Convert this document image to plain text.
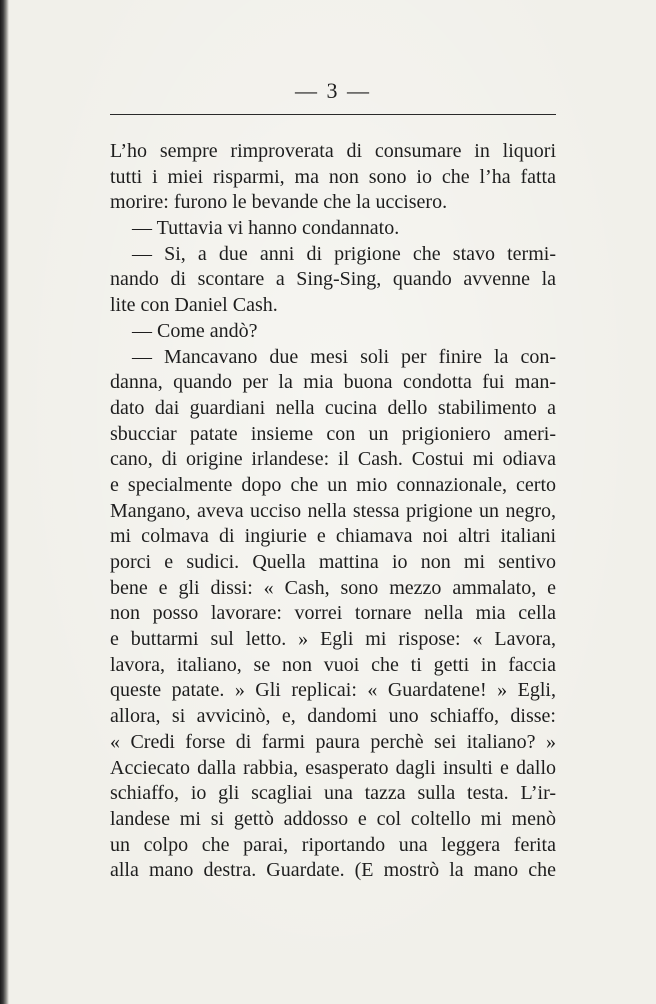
— 3 —
L’ho sempre rimproverata di consumare in liquori
tutti i miei risparmi, ma non sono io che l’ha fatta
morire: furono le bevande che la uccisero.
— Tuttavia vi hanno condannato.
— Si, a due anni di prigione che stavo termi-
nando di scontare a Sing-Sing, quando avvenne la
lite con Daniel Cash.
— Come andò?
— Mancavano due mesi soli per finire la con-
danna, quando per la mia buona condotta fui man-
dato dai guardiani nella cucina dello stabilimento a
sbucciar patate insieme con un prigioniero ameri-
cano, di origine irlandese: il Cash. Costui mi odiava
e specialmente dopo che un mio connazionale, certo
Mangano, aveva ucciso nella stessa prigione un negro,
mi colmava di ingiurie e chiamava noi altri italiani
porci e sudici. Quella mattina io non mi sentivo
bene e gli dissi: « Cash, sono mezzo ammalato, e
non posso lavorare: vorrei tornare nella mia cella
e buttarmi sul letto. » Egli mi rispose: « Lavora,
lavora, italiano, se non vuoi che ti getti in faccia
queste patate. » Gli replicai: « Guardatene! » Egli,
allora, si avvicinò, e, dandomi uno schiaffo, disse:
« Credi forse di farmi paura perchè sei italiano? »
Acciecato dalla rabbia, esasperato dagli insulti e dallo
schiaffo, io gli scagliai una tazza sulla testa. L’ir-
landese mi si gettò addosso e col coltello mi menò
un colpo che parai, riportando una leggera ferita
alla mano destra. Guardate. (E mostrò la mano che
